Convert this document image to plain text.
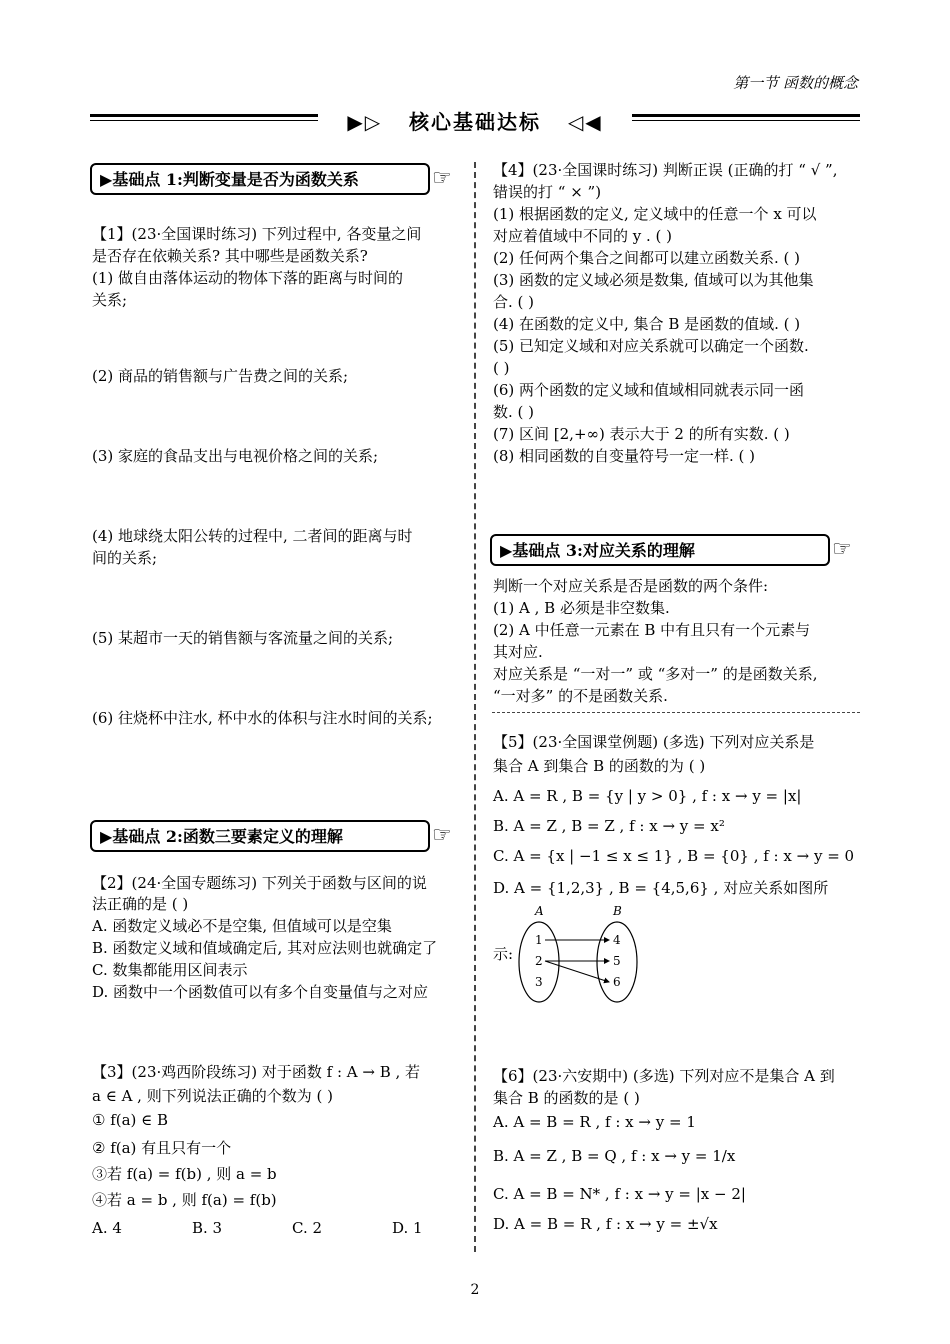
第一节 函数的概念
▶▷ 核心基础达标 ◁◀
▶基础点 1:判断变量是否为函数关系	☞
【1】(23·全国课时练习) 下列过程中, 各变量之间
是否存在依赖关系? 其中哪些是函数关系?
(1) 做自由落体运动的物体下落的距离与时间的
关系;
(2) 商品的销售额与广告费之间的关系;
(3) 家庭的食品支出与电视价格之间的关系;
(4) 地球绕太阳公转的过程中, 二者间的距离与时
间的关系;
(5) 某超市一天的销售额与客流量之间的关系;
(6) 往烧杯中注水, 杯中水的体积与注水时间的关系;
▶基础点 2:函数三要素定义的理解	☞
【2】(24·全国专题练习) 下列关于函数与区间的说
法正确的是 ( )
A. 函数定义域必不是空集, 但值域可以是空集
B. 函数定义域和值域确定后, 其对应法则也就确定了
C. 数集都能用区间表示
D. 函数中一个函数值可以有多个自变量值与之对应
【3】(23·鸡西阶段练习) 对于函数 f : A → B , 若
a ∈ A , 则下列说法正确的个数为 ( )
① f(a) ∈ B
② f(a) 有且只有一个
③若 f(a) = f(b) , 则 a = b
④若 a = b , 则 f(a) = f(b)
A. 4	B. 3	C. 2	D. 1
【4】(23·全国课时练习) 判断正误 (正确的打 “ √ ”,
错误的打 “ × ”)
(1) 根据函数的定义, 定义域中的任意一个 x 可以
对应着值域中不同的 y . ( )
(2) 任何两个集合之间都可以建立函数关系. ( )
(3) 函数的定义域必须是数集, 值域可以为其他集
合. ( )
(4) 在函数的定义中, 集合 B 是函数的值域. ( )
(5) 已知定义域和对应关系就可以确定一个函数.
( )
(6) 两个函数的定义域和值域相同就表示同一函
数. ( )
(7) 区间 [2,+∞) 表示大于 2 的所有实数. ( )
(8) 相同函数的自变量符号一定一样. ( )
▶基础点 3:对应关系的理解	☞
判断一个对应关系是否是函数的两个条件:
(1) A , B 必须是非空数集.
(2) A 中任意一元素在 B 中有且只有一个元素与
其对应.
对应关系是 “一对一” 或 “多对一” 的是函数关系,
“一对多” 的不是函数关系.
【5】(23·全国课堂例题) (多选) 下列对应关系是
集合 A 到集合 B 的函数的为 ( )
A. A = R , B = {y | y > 0} , f : x → y = |x|
B. A = Z , B = Z , f : x → y = x²
C. A = {x | −1 ≤ x ≤ 1} , B = {0} , f : x → y = 0
D. A = {1,2,3} , B = {4,5,6} , 对应关系如图所
示:
A	B
1
2
3
4
5
6
【6】(23·六安期中) (多选) 下列对应不是集合 A 到
集合 B 的函数的是 ( )
A. A = B = R , f : x → y = 1
B. A = Z , B = Q , f : x → y = 1/x
C. A = B = N* , f : x → y = |x − 2|
D. A = B = R , f : x → y = ±√x
2
